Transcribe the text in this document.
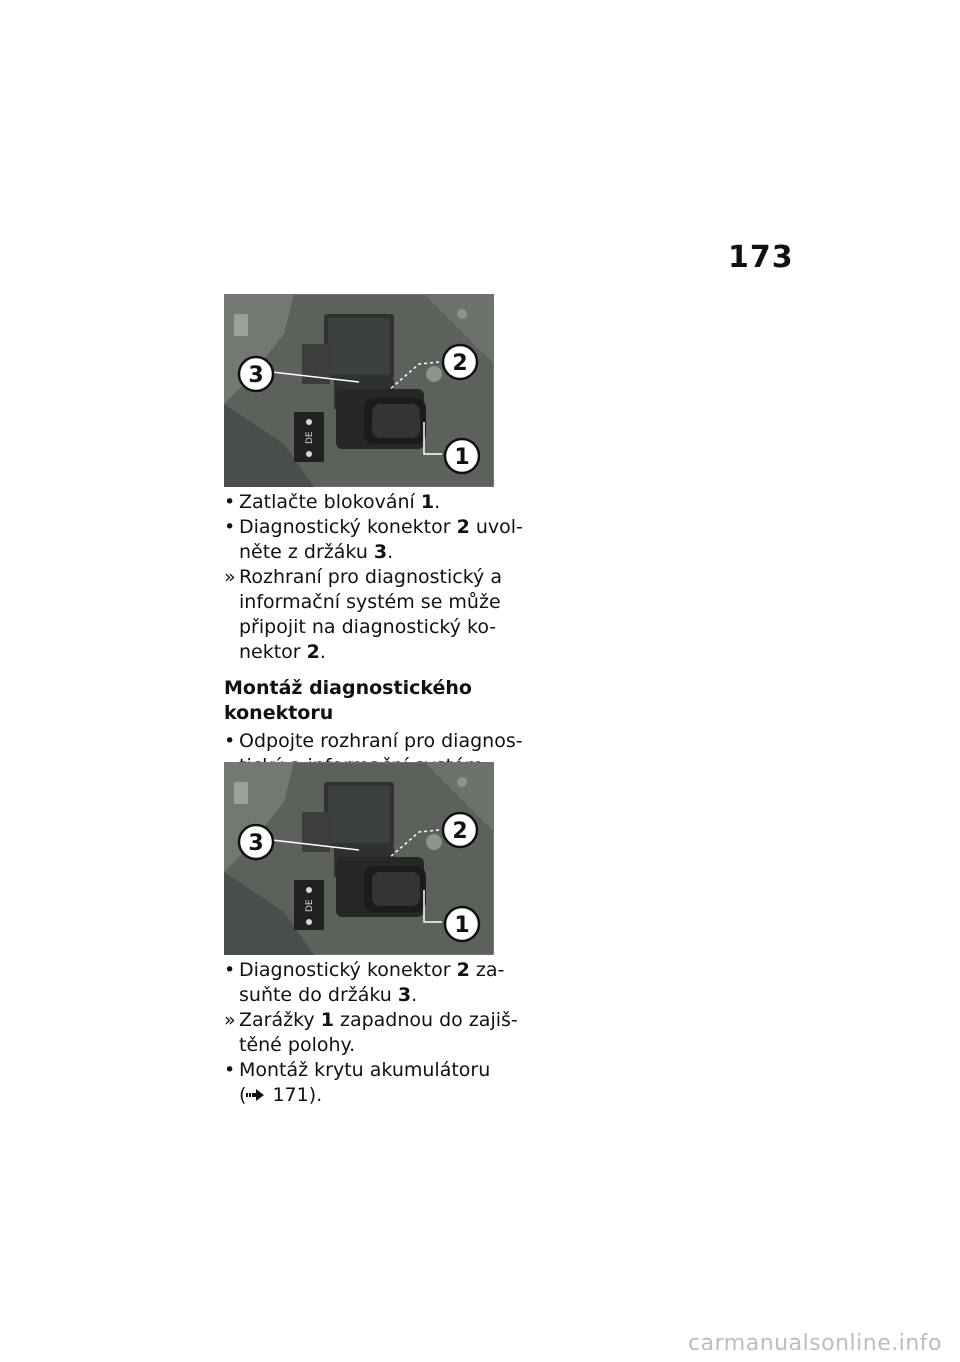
173
DE
3	2
1
• Zatlačte blokování 1.
• Diagnostický konektor 2 uvol-
něte z držáku 3.
» Rozhraní pro diagnostický a
informační systém se může
připojit na diagnostický ko-
nektor 2.
Montáž diagnostického
konektoru
• Odpojte rozhraní pro diagnos-
DE
3	2
1
• Diagnostický konektor 2 za-
suňte do držáku 3.
» Zarážky 1 zapadnou do zajiš-
těné polohy.
• Montáž krytu akumulátoru
( 171).
carmanualsonline.info
